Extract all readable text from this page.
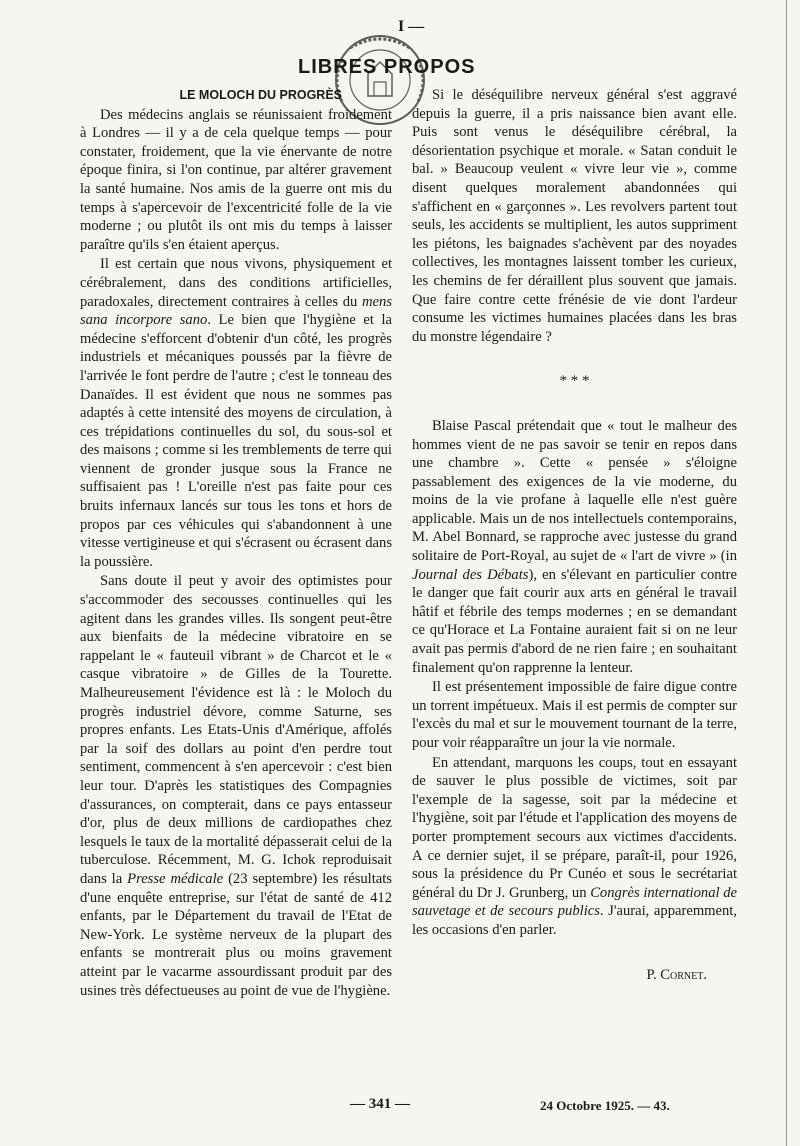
I —
LIBRES PROPOS

LE MOLOCH DU PROGRÈS

Des médecins anglais se réunissaient froidement à Londres — il y a de cela quelque temps — pour constater, froidement, que la vie énervante de notre époque finira, si l'on continue, par altérer gravement la santé humaine. Nos amis de la guerre ont mis du temps à s'apercevoir de l'excentricité folle de la vie moderne ; ou plutôt ils ont mis du temps à laisser paraître qu'ils s'en étaient aperçus.

Il est certain que nous vivons, physiquement et cérébralement, dans des conditions artificielles, paradoxales, directement contraires à celles du mens sana incorpore sano. Le bien que l'hygiène et la médecine s'efforcent d'obtenir d'un côté, les progrès industriels et mécaniques poussés par la fièvre de l'arrivée le font perdre de l'autre ; c'est le tonneau des Danaïdes. Il est évident que nous ne sommes pas adaptés à cette intensité des moyens de circulation, à ces trépidations continuelles du sol, du sous-sol et des maisons ; comme si les tremblements de terre qui viennent de gronder jusque sous la France ne suffisaient pas ! L'oreille n'est pas faite pour ces bruits infernaux lancés sur tous les tons et hors de propos par ces véhicules qui s'abandonnent à une vitesse vertigineuse et qui s'écrasent ou écrasent dans la poussière.

Sans doute il peut y avoir des optimistes pour s'accommoder des secousses continuelles qui les agitent dans les grandes villes. Ils songent peut-être aux bienfaits de la médecine vibratoire en se rappelant le « fauteuil vibrant » de Charcot et le « casque vibratoire » de Gilles de la Tourette. Malheureusement l'évidence est là : le Moloch du progrès industriel dévore, comme Saturne, ses propres enfants. Les Etats-Unis d'Amérique, affolés par la soif des dollars au point d'en perdre tout sentiment, commencent à s'en apercevoir : c'est bien leur tour. D'après les statistiques des Compagnies d'assurances, on compterait, dans ce pays entasseur d'or, plus de deux millions de cardiopathes chez lesquels le taux de la mortalité dépasserait celui de la tuberculose. Récemment, M. G. Ichok reproduisait dans la Presse médicale (23 septembre) les résultats d'une enquête entreprise, sur l'état de santé de 412 enfants, par le Département du travail de l'Etat de New-York. Le système nerveux de la plupart des enfants se montrerait plus ou moins gravement atteint par le vacarme assourdissant produit par des usines très défectueuses au point de vue de l'hygiène.

Si le déséquilibre nerveux général s'est aggravé depuis la guerre, il a pris naissance bien avant elle. Puis sont venus le déséquilibre cérébral, la désorientation psychique et morale. « Satan conduit le bal. » Beaucoup veulent « vivre leur vie », comme disent quelques moralement abandonnées qui s'affichent en « garçonnes ». Les revolvers partent tout seuls, les accidents se multiplient, les autos suppriment les piétons, les baignades s'achèvent par des noyades collectives, les montagnes laissent tomber les curieux, les chemins de fer déraillent plus souvent que jamais. Que faire contre cette frénésie de vie dont l'ardeur consume les victimes humaines placées dans les bras du monstre légendaire ?

* * *

Blaise Pascal prétendait que « tout le malheur des hommes vient de ne pas savoir se tenir en repos dans une chambre ». Cette « pensée » s'éloigne passablement des exigences de la vie moderne, du moins de la vie profane à laquelle elle n'est guère applicable. Mais un de nos intellectuels contemporains, M. Abel Bonnard, se rapproche avec justesse du grand solitaire de Port-Royal, au sujet de « l'art de vivre » (in Journal des Débats), en s'élevant en particulier contre le danger que fait courir aux arts en général le travail hâtif et fébrile des temps modernes ; en se demandant ce qu'Horace et La Fontaine auraient fait si on ne leur avait pas permis d'abord de ne rien faire ; en souhaitant finalement qu'on rapprenne la lenteur.

Il est présentement impossible de faire digue contre un torrent impétueux. Mais il est permis de compter sur l'excès du mal et sur le mouvement tournant de la terre, pour voir réapparaître un jour la vie normale.

En attendant, marquons les coups, tout en essayant de sauver le plus possible de victimes, soit par l'exemple de la sagesse, soit par la médecine et l'hygiène, soit par l'étude et l'application des moyens de porter promptement secours aux victimes d'accidents. A ce dernier sujet, il se prépare, paraît-il, pour 1926, sous la présidence du Pr Cunéo et sous le secrétariat général du Dr J. Grunberg, un Congrès international de sauvetage et de secours publics. J'aurai, apparemment, les occasions d'en parler.

P. Cornet.

— 341 —	24 Octobre 1925. — 43.
